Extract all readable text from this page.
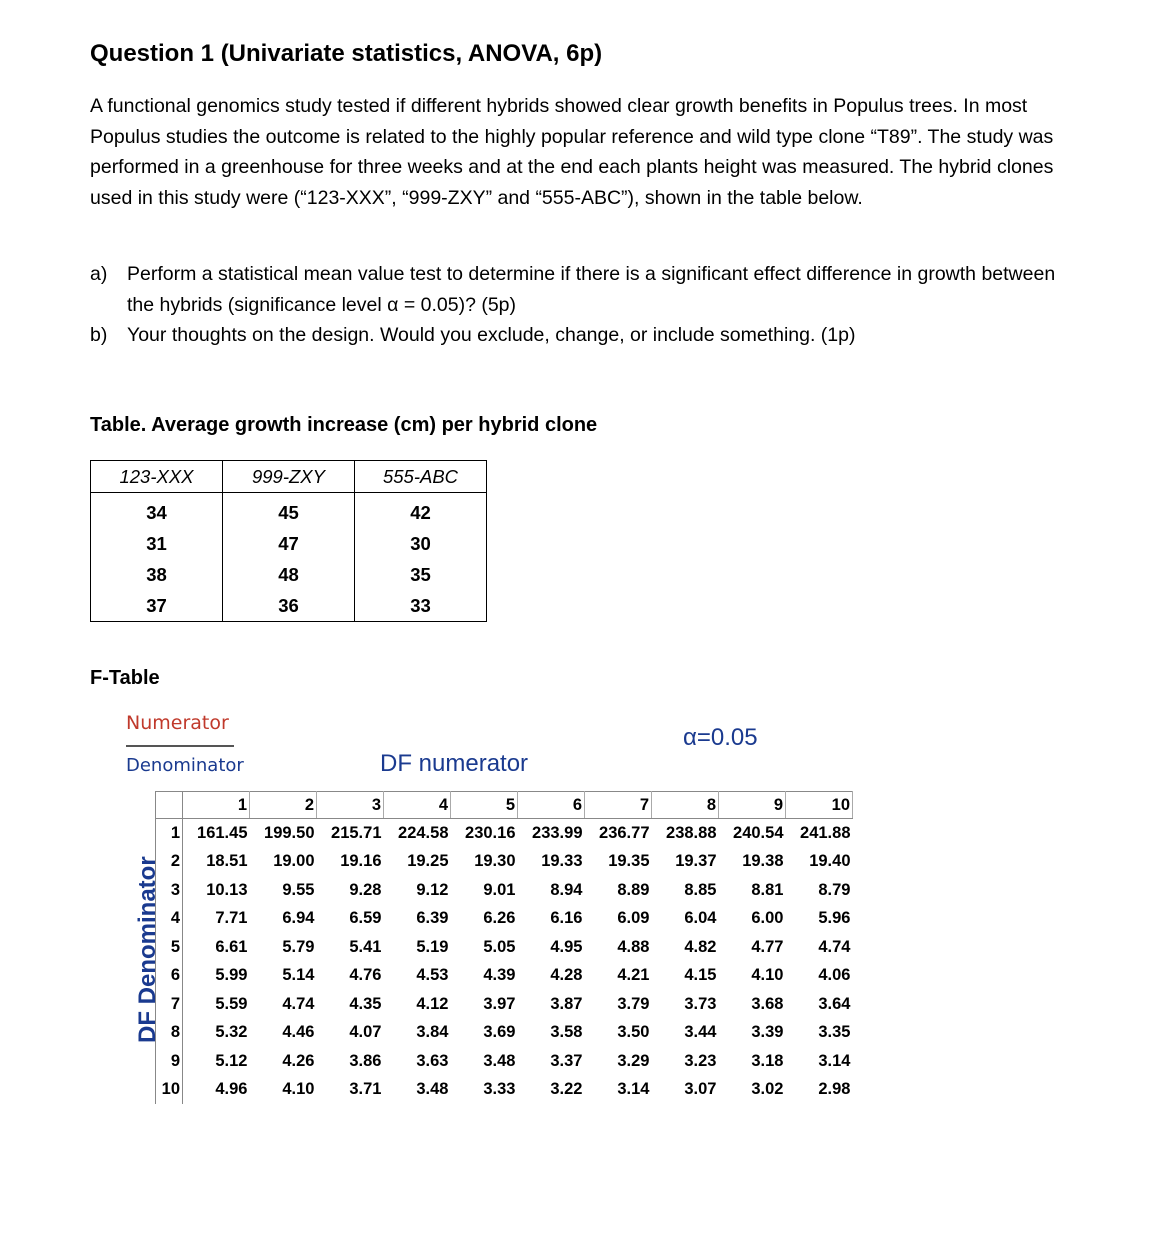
Question 1 (Univariate statistics, ANOVA, 6p)
A functional genomics study tested if different hybrids showed clear growth benefits in Populus trees. In most Populus studies the outcome is related to the highly popular reference and wild type clone “T89”. The study was performed in a greenhouse for three weeks and at the end each plants height was measured. The hybrid clones used in this study were (“123-XXX”, “999-ZXY” and “555-ABC”), shown in the table below.
a)	Perform a statistical mean value test to determine if there is a significant effect difference in growth between the hybrids (significance level α = 0.05)? (5p)
b)	Your thoughts on the design. Would you exclude, change, or include something. (1p)
Table. Average growth increase (cm) per hybrid clone
123-XXX	999-ZXY	555-ABC
34	45	42
31	47	30
38	48	35
37	36	33
F-Table
Numerator
Denominator	DF numerator
α=0.05
DF Denominator
	1	2	3	4	5	6	7	8	9	10
1	161.45	199.50	215.71	224.58	230.16	233.99	236.77	238.88	240.54	241.88
2	18.51	19.00	19.16	19.25	19.30	19.33	19.35	19.37	19.38	19.40
3	10.13	9.55	9.28	9.12	9.01	8.94	8.89	8.85	8.81	8.79
4	7.71	6.94	6.59	6.39	6.26	6.16	6.09	6.04	6.00	5.96
5	6.61	5.79	5.41	5.19	5.05	4.95	4.88	4.82	4.77	4.74
6	5.99	5.14	4.76	4.53	4.39	4.28	4.21	4.15	4.10	4.06
7	5.59	4.74	4.35	4.12	3.97	3.87	3.79	3.73	3.68	3.64
8	5.32	4.46	4.07	3.84	3.69	3.58	3.50	3.44	3.39	3.35
9	5.12	4.26	3.86	3.63	3.48	3.37	3.29	3.23	3.18	3.14
10	4.96	4.10	3.71	3.48	3.33	3.22	3.14	3.07	3.02	2.98
